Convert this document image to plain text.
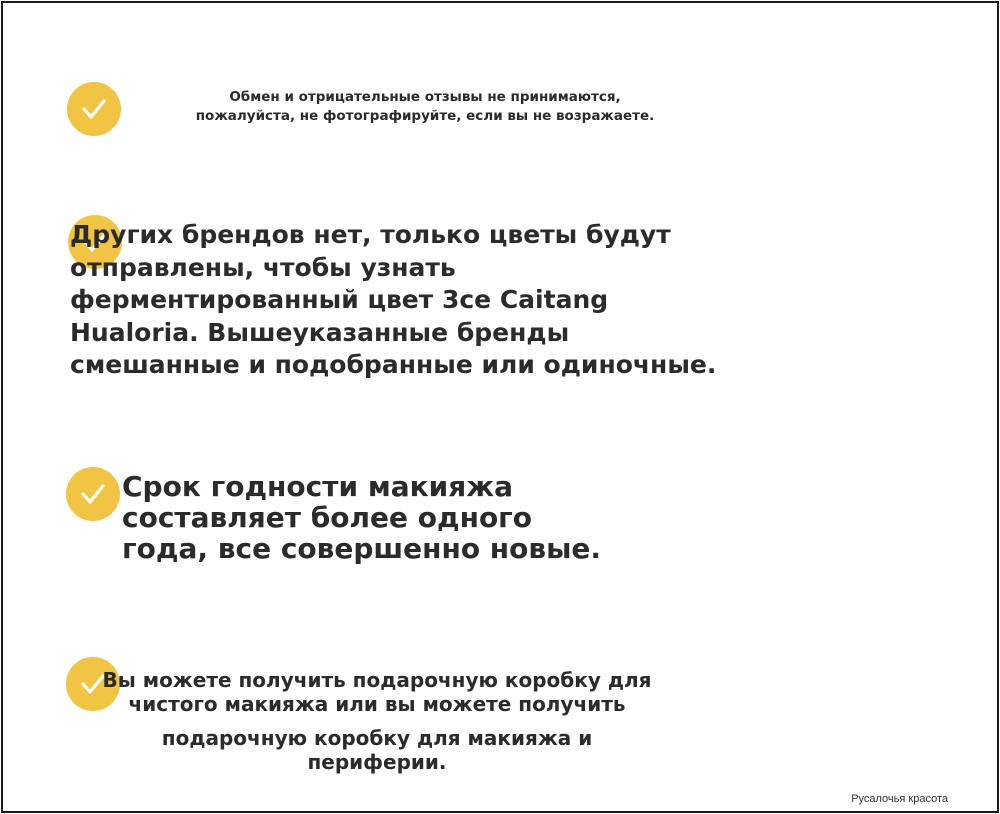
Обмен и отрицательные отзывы не принимаются,
пожалуйста, не фотографируйте, если вы не возражаете.
Других брендов нет, только цветы будут
отправлены, чтобы узнать
ферментированный цвет 3ce Caitang
Hualoria. Вышеуказанные бренды
смешанные и подобранные или одиночные.
Срок годности макияжа
составляет более одного
года, все совершенно новые.
Вы можете получить подарочную коробку для
чистого макияжа или вы можете получить
подарочную коробку для макияжа и
периферии.
Русалочья красота
